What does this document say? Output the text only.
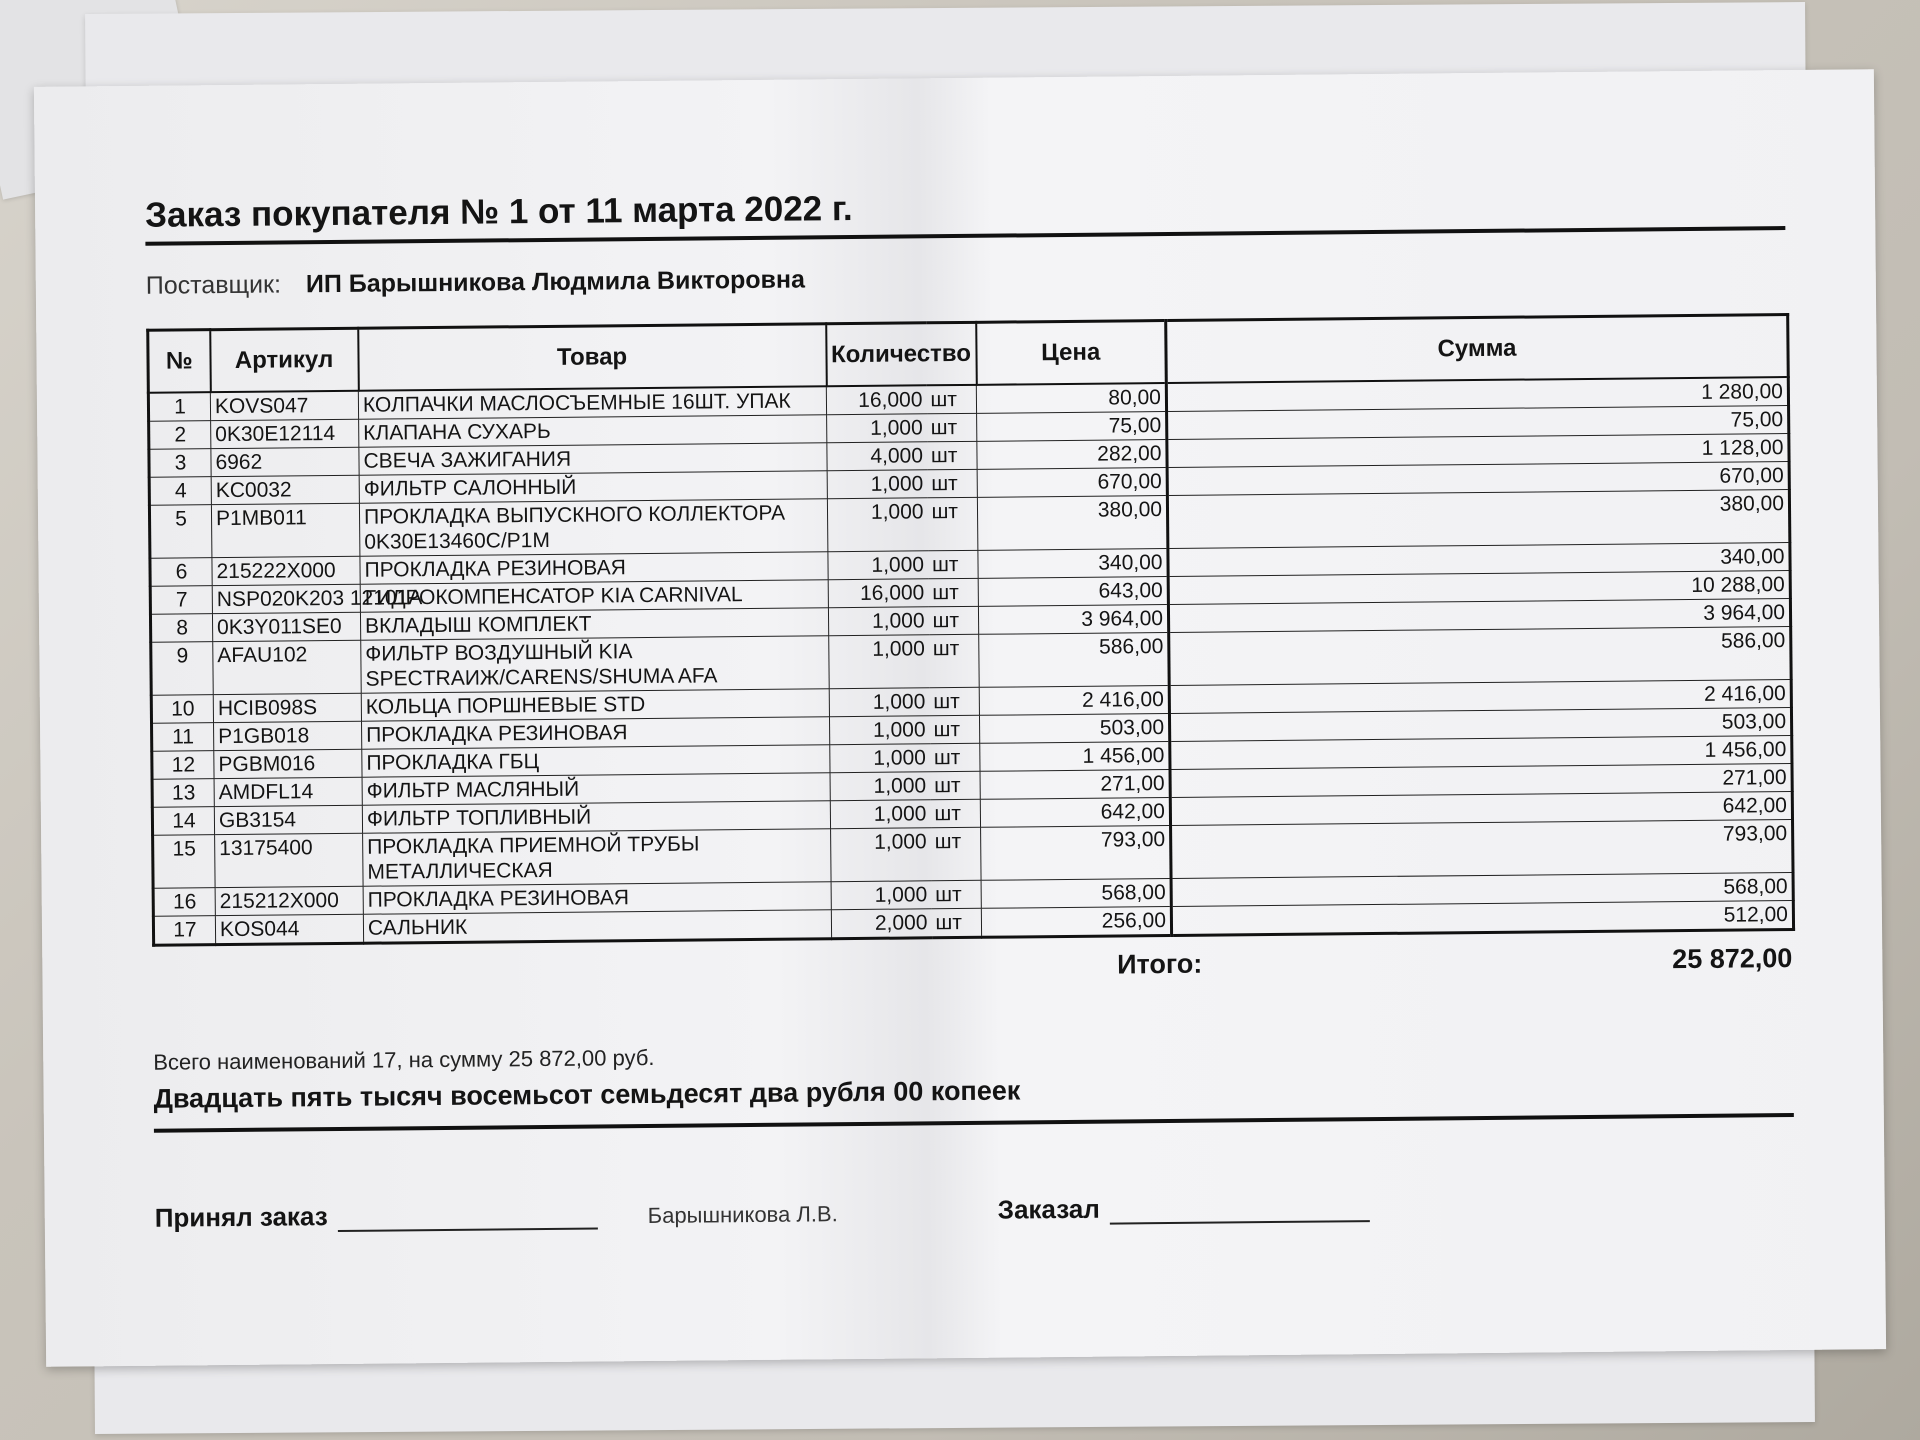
Заказ покупателя № 1 от 11 марта 2022 г.
Поставщик: ИП Барышникова Людмила Викторовна
№	Артикул	Товар	Количество		Цена	Сумма
1	KOVS047	КОЛПАЧКИ МАСЛОСЪЕМНЫЕ 16ШТ. УПАК	16,000	шт	80,00	1 280,00
2	0K30E12114	КЛАПАНА СУХАРЬ	1,000	шт	75,00	75,00
3	6962	СВЕЧА ЗАЖИГАНИЯ	4,000	шт	282,00	1 128,00
4	KC0032	ФИЛЬТР САЛОННЫЙ	1,000	шт	670,00	670,00
5	P1MB011	ПРОКЛАДКА ВЫПУСКНОГО КОЛЛЕКТОРА 0K30E13460C/P1M	1,000	шт	380,00	380,00
6	215222X000	ПРОКЛАДКА РЕЗИНОВАЯ	1,000	шт	340,00	340,00
7	NSP020K203 12101A	ГИДРОКОМПЕНСАТОР KIA CARNIVAL	16,000	шт	643,00	10 288,00
8	0K3Y011SE0	ВКЛАДЫШ КОМПЛЕКТ	1,000	шт	3 964,00	3 964,00
9	AFAU102	ФИЛЬТР ВОЗДУШНЫЙ KIA SPECTRAИЖ/CARENS/SHUMA AFA	1,000	шт	586,00	586,00
10	HCIB098S	КОЛЬЦА ПОРШНЕВЫЕ STD	1,000	шт	2 416,00	2 416,00
11	P1GB018	ПРОКЛАДКА РЕЗИНОВАЯ	1,000	шт	503,00	503,00
12	PGBM016	ПРОКЛАДКА ГБЦ	1,000	шт	1 456,00	1 456,00
13	AMDFL14	ФИЛЬТР МАСЛЯНЫЙ	1,000	шт	271,00	271,00
14	GB3154	ФИЛЬТР ТОПЛИВНЫЙ	1,000	шт	642,00	642,00
15	13175400	ПРОКЛАДКА ПРИЕМНОЙ ТРУБЫ МЕТАЛЛИЧЕСКАЯ	1,000	шт	793,00	793,00
16	215212X000	ПРОКЛАДКА РЕЗИНОВАЯ	1,000	шт	568,00	568,00
17	KOS044	САЛЬНИК	2,000	шт	256,00	512,00
Итого:	25 872,00
Всего наименований 17, на сумму 25 872,00 руб.
Двадцать пять тысяч восемьсот семьдесят два рубля 00 копеек
Принял заказ	Барышникова Л.В.	Заказал
